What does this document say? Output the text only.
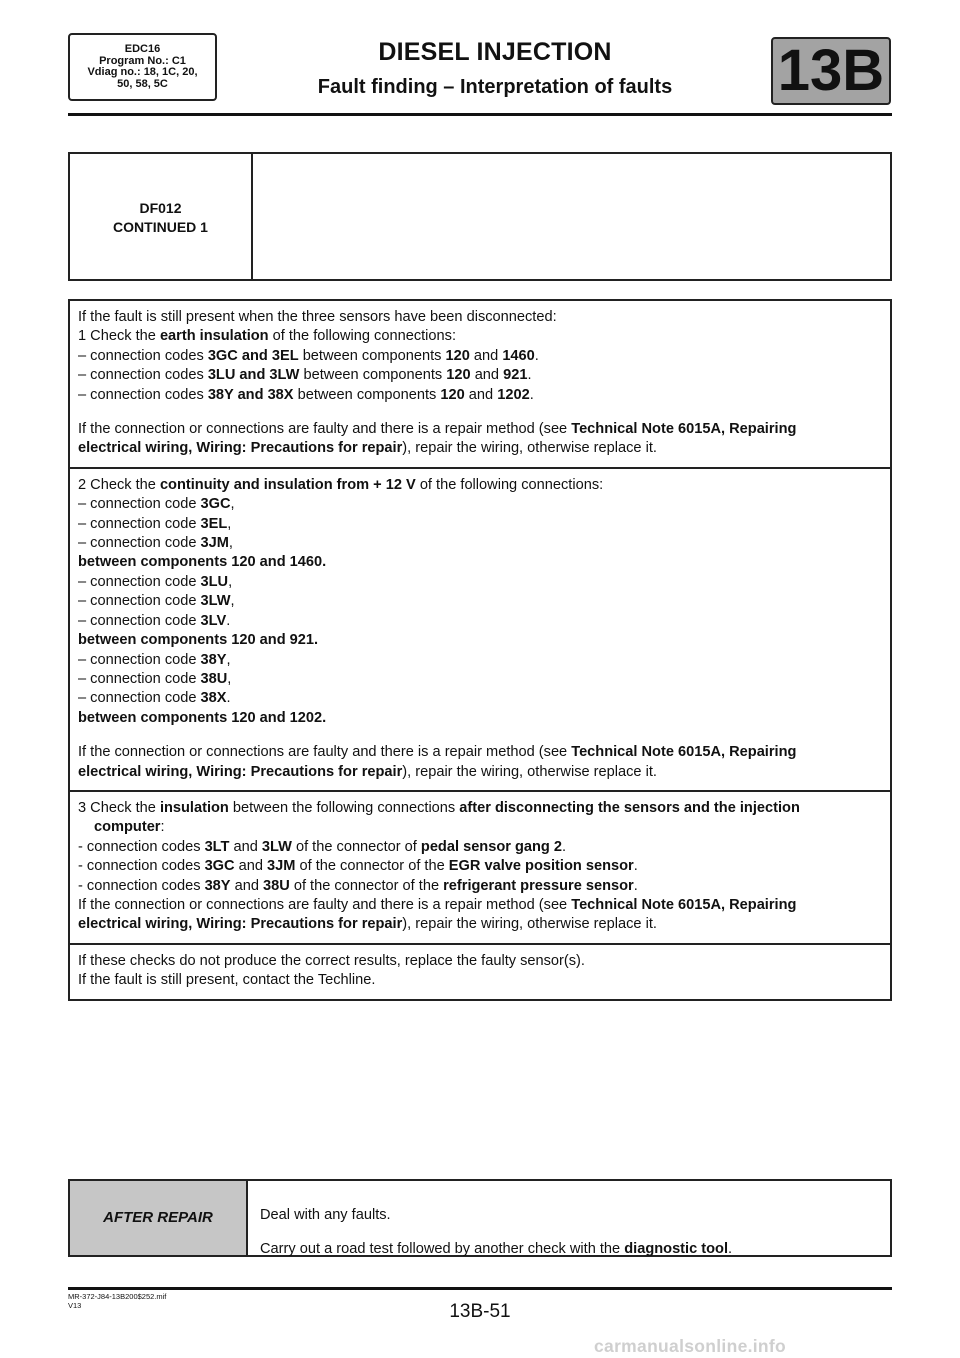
EDC16
Program No.: C1
Vdiag no.: 18, 1C, 20,
50, 58, 5C
DIESEL INJECTION
Fault finding – Interpretation of faults	13B
DF012
CONTINUED 1

If the fault is still present when the three sensors have been disconnected:

1 Check the earth insulation of the following connections:

– connection codes 3GC and 3EL between components 120 and 1460.

– connection codes 3LU and 3LW between components 120 and 921.

– connection codes 38Y and 38X between components 120 and 1202.

If the connection or connections are faulty and there is a repair method (see Technical Note 6015A, Repairing

electrical wiring, Wiring: Precautions for repair), repair the wiring, otherwise replace it.

2 Check the continuity and insulation from + 12 V of the following connections:

– connection code 3GC,

– connection code 3EL,

– connection code 3JM,

between components 120 and 1460.

– connection code 3LU,

– connection code 3LW,

– connection code 3LV.

between components 120 and 921.

– connection code 38Y,

– connection code 38U,

– connection code 38X.

between components 120 and 1202.

If the connection or connections are faulty and there is a repair method (see Technical Note 6015A, Repairing

electrical wiring, Wiring: Precautions for repair), repair the wiring, otherwise replace it.

3 Check the insulation between the following connections after disconnecting the sensors and the injection

computer:

- connection codes 3LT and 3LW of the connector of pedal sensor gang 2.

- connection codes 3GC and 3JM of the connector of the EGR valve position sensor.

- connection codes 38Y and 38U of the connector of the refrigerant pressure sensor.

If the connection or connections are faulty and there is a repair method (see Technical Note 6015A, Repairing

electrical wiring, Wiring: Precautions for repair), repair the wiring, otherwise replace it.

If these checks do not produce the correct results, replace the faulty sensor(s).

If the fault is still present, contact the Techline.

AFTER REPAIR	Deal with any faults.

Carry out a road test followed by another check with the diagnostic tool.

MR-372-J84-13B200$252.mif
V13	13B-51
carmanualsonline.info
